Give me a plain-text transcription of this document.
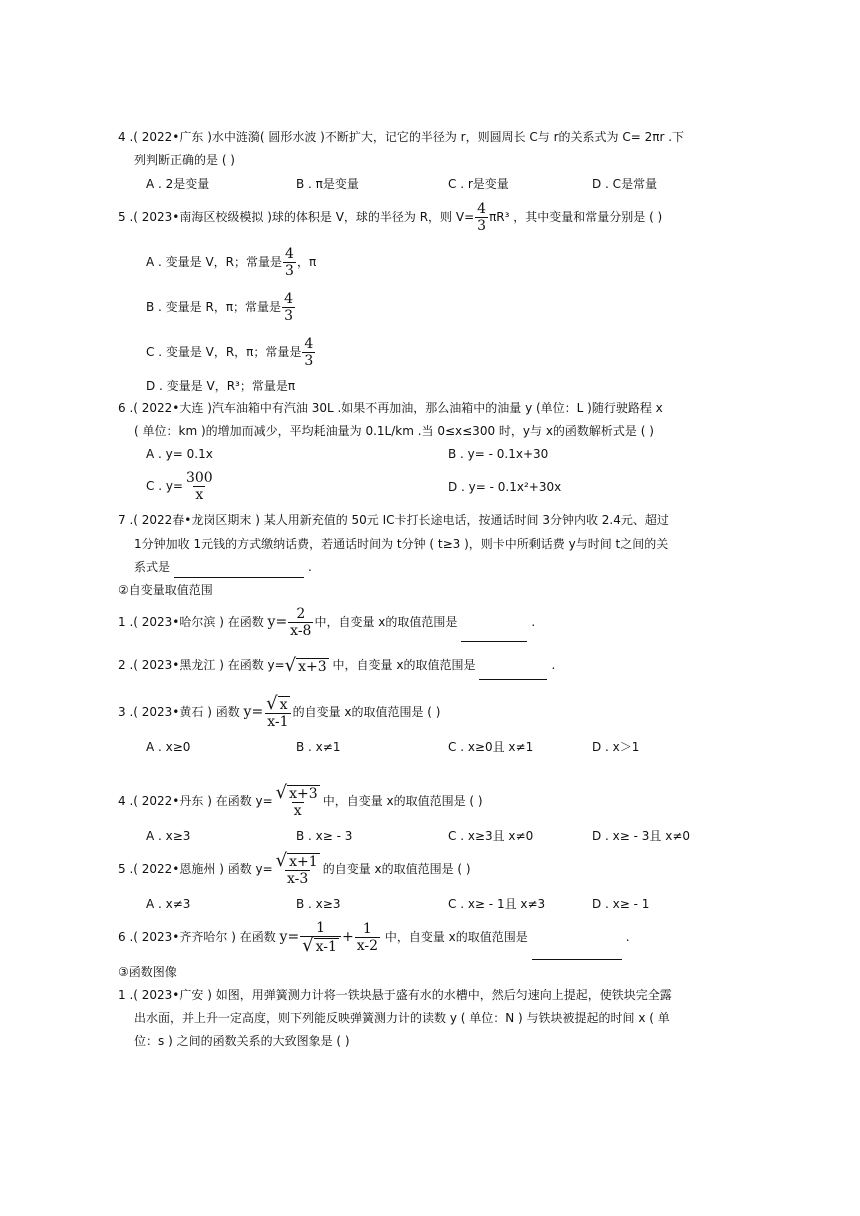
4 .( 2022•广东 )水中涟漪( 圆形水波 )不断扩大，记它的半径为 r，则圆周长 C与 r的关系式为 C= 2πr .下
列判断正确的是 ( )
A . 2是变量	B . π是变量	C . r是变量	D . C是常量
5 .( 2023•南海区校级模拟 )球的体积是 V，球的半径为 R，则 $V= \frac{4}{3} \pi R^3$ ，其中变量和常量分别是 ( )
A . 变量是 V，R；常量是 $\frac{4}{3}$ ，π
B . 变量是 R，π；常量是 $\frac{4}{3}$
C . 变量是 V，R，π；常量是 $\frac{4}{3}$
D . 变量是 V，R³；常量是π
6 .( 2022•大连 )汽车油箱中有汽油 30L .如果不再加油，那么油箱中的油量 y (单位：L )随行驶路程 x
( 单位：km )的增加而减少，平均耗油量为 0.1L/km .当 0≤x≤300 时，y与 x的函数解析式是 ( )
A . y= 0.1x	B . y= - 0.1x+30
C . $y= \frac{300}{x}$	D . y= - 0.1x²+30x
7 .( 2022春•龙岗区期末 ) 某人用新充值的 50元 IC卡打长途电话，按通话时间 3分钟内收 2.4元、超过
1分钟加收 1元钱的方式缴纳话费，若通话时间为 t分钟 ( t≥3 )，则卡中所剩话费 y与时间 t之间的关
系式是	.
②自变量取值范围
1 .( 2023•哈尔滨 ) 在函数 $y= \frac{2}{x-8}$ 中，自变量 x的取值范围是	.
2 .( 2023•黑龙江 ) 在函数 y= √ x+3 中，自变量 x的取值范围是	.
3 .( 2023•黄石 ) 函数 $y= \frac{√ x}{x-1}$ 的自变量 x的取值范围是 ( )
A . x≥0	B . x≠1	C . x≥0且 x≠1	D . x＞1
4 .( 2022•丹东 ) 在函数 $y= \frac{√ x+3}{x}$ 中，自变量 x的取值范围是 ( )
A . x≥3	B . x≥ - 3	C . x≥3且 x≠0	D . x≥ - 3且 x≠0
5 .( 2022•恩施州 ) 函数 $y= \frac{√ x+1}{x-3}$ 的自变量 x的取值范围是 ( )
A . x≠3	B . x≥3	C . x≥ - 1且 x≠3	D . x≥ - 1
6 .( 2023•齐齐哈尔 ) 在函数 $y= \frac{1}{√ x-1} + \frac{1}{x-2}$ 中，自变量 x的取值范围是	.
③函数图像
1 .( 2023•广安 ) 如图，用弹簧测力计将一铁块悬于盛有水的水槽中，然后匀速向上提起，使铁块完全露
出水面，并上升一定高度，则下列能反映弹簧测力计的读数 y ( 单位：N ) 与铁块被提起的时间 x ( 单
位：s ) 之间的函数关系的大致图象是 ( )
